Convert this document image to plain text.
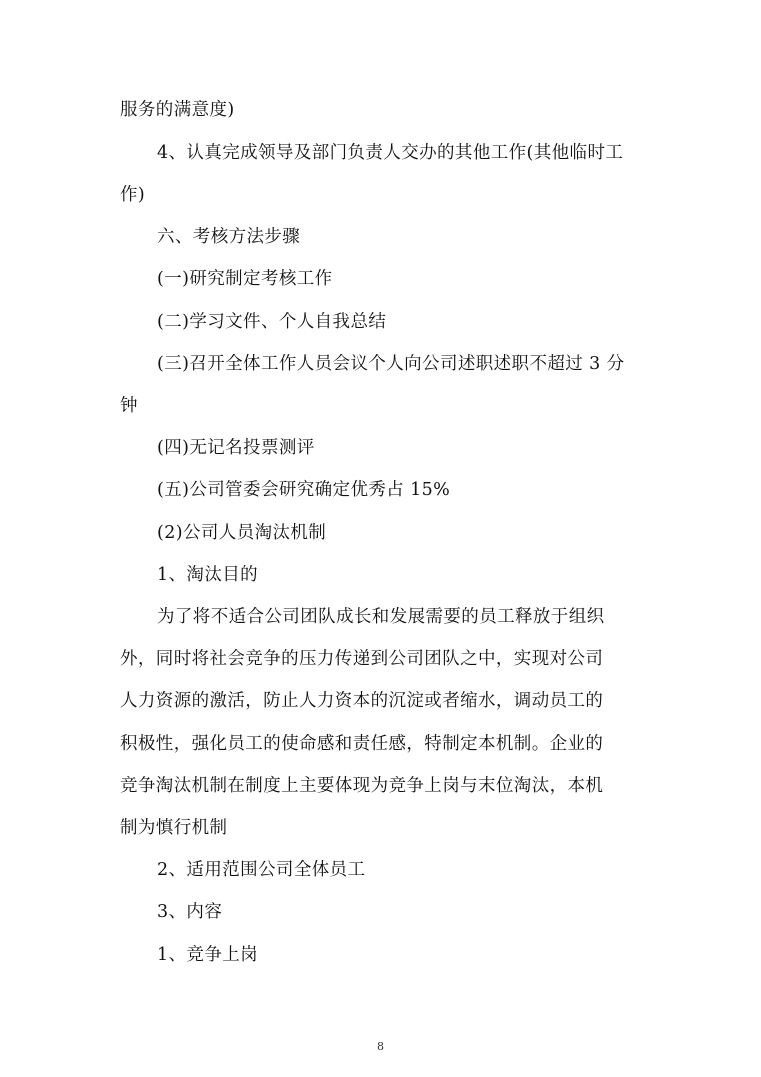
服务的满意度)

4、认真完成领导及部门负责人交办的其他工作(其他临时工

作)

六、考核方法步骤

(一)研究制定考核工作

(二)学习文件、个人自我总结

(三)召开全体工作人员会议个人向公司述职述职不超过 3 分

钟

(四)无记名投票测评

(五)公司管委会研究确定优秀占 15%

(2)公司人员淘汰机制

1、淘汰目的

为了将不适合公司团队成长和发展需要的员工释放于组织

外，同时将社会竞争的压力传递到公司团队之中，实现对公司

人力资源的激活，防止人力资本的沉淀或者缩水，调动员工的

积极性，强化员工的使命感和责任感，特制定本机制。企业的

竞争淘汰机制在制度上主要体现为竞争上岗与末位淘汰，本机

制为慎行机制

2、适用范围公司全体员工

3、内容

1、竞争上岗

8
